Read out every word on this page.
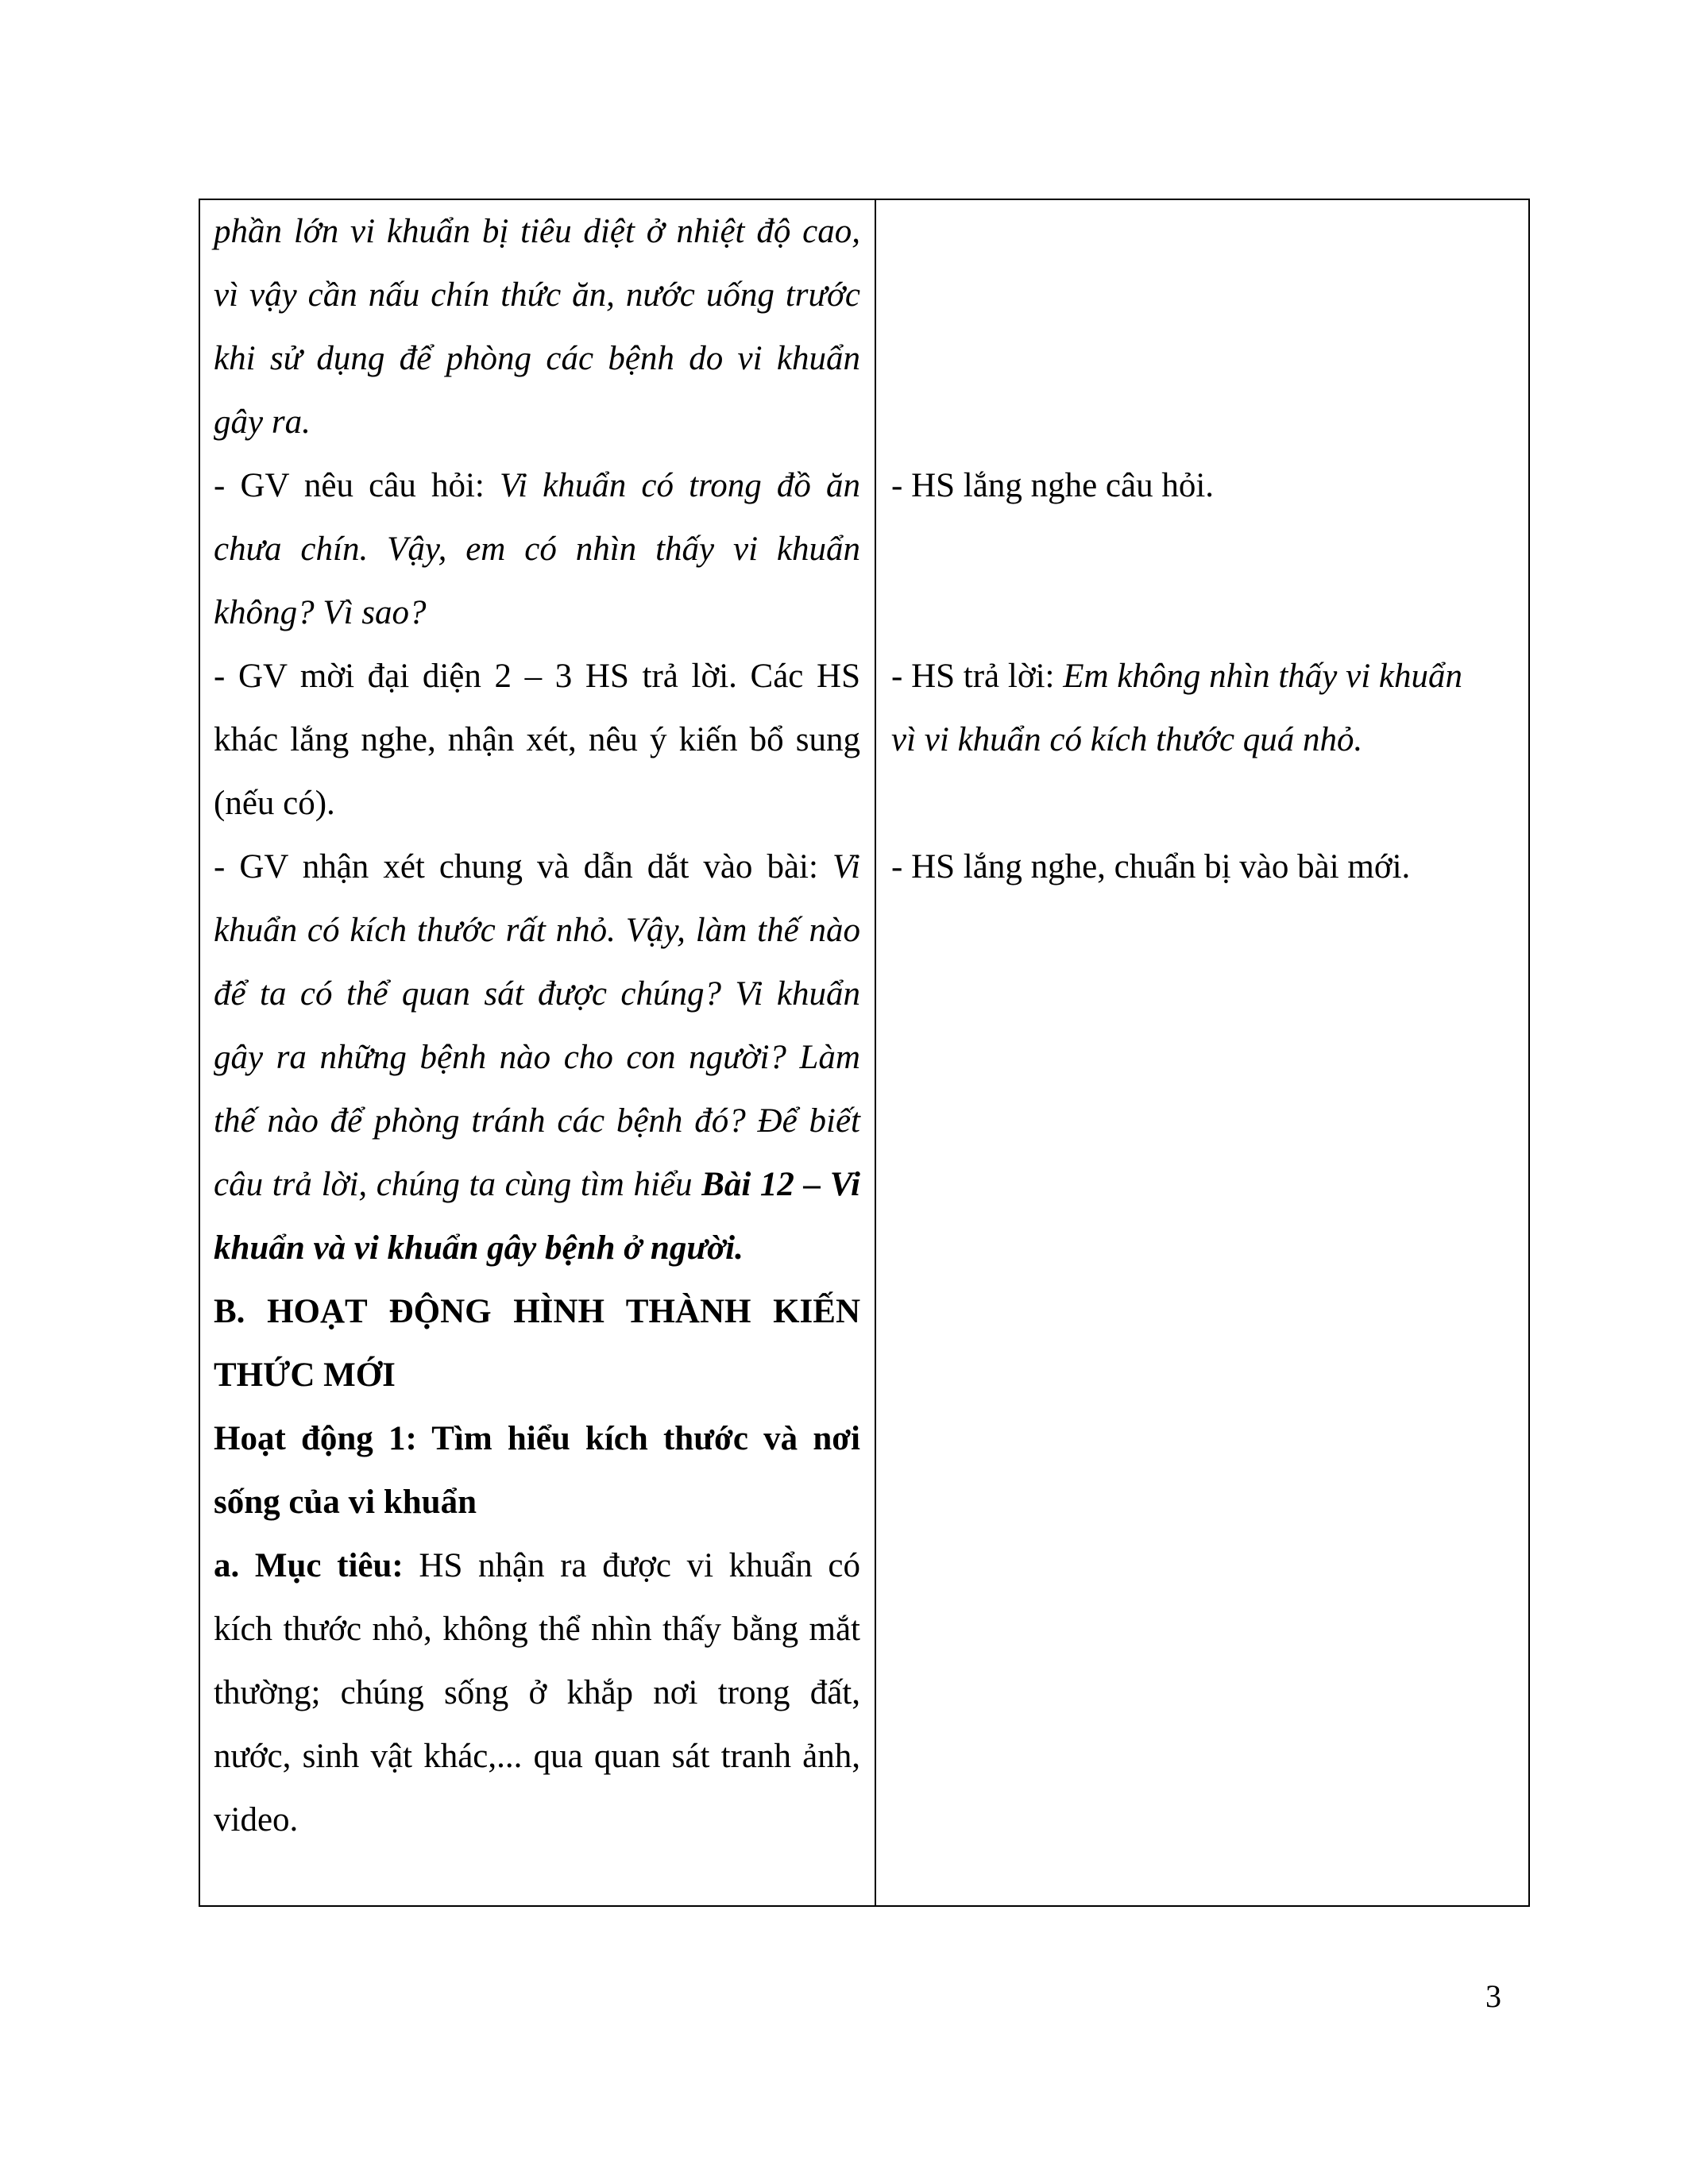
phần lớn vi khuẩn bị tiêu diệt ở nhiệt độ cao, vì vậy cần nấu chín thức ăn, nước uống trước khi sử dụng để phòng các bệnh do vi khuẩn gây ra.

- GV nêu câu hỏi: Vi khuẩn có trong đồ ăn chưa chín. Vậy, em có nhìn thấy vi khuẩn không? Vì sao?

- GV mời đại diện 2 – 3 HS trả lời. Các HS khác lắng nghe, nhận xét, nêu ý kiến bổ sung (nếu có).

- GV nhận xét chung và dẫn dắt vào bài: Vi khuẩn có kích thước rất nhỏ. Vậy, làm thế nào để ta có thể quan sát được chúng? Vi khuẩn gây ra những bệnh nào cho con người? Làm thế nào để phòng tránh các bệnh đó? Để biết câu trả lời, chúng ta cùng tìm hiểu Bài 12 – Vi khuẩn và vi khuẩn gây bệnh ở người.

B. HOẠT ĐỘNG HÌNH THÀNH KIẾN THỨC MỚI

Hoạt động 1: Tìm hiểu kích thước và nơi sống của vi khuẩn

a. Mục tiêu: HS nhận ra được vi khuẩn có kích thước nhỏ, không thể nhìn thấy bằng mắt thường; chúng sống ở khắp nơi trong đất, nước, sinh vật khác,... qua quan sát tranh ảnh, video.

- HS lắng nghe câu hỏi.

- HS trả lời: Em không nhìn thấy vi khuẩn

vì vi khuẩn có kích thước quá nhỏ.

- HS lắng nghe, chuẩn bị vào bài mới.

3
